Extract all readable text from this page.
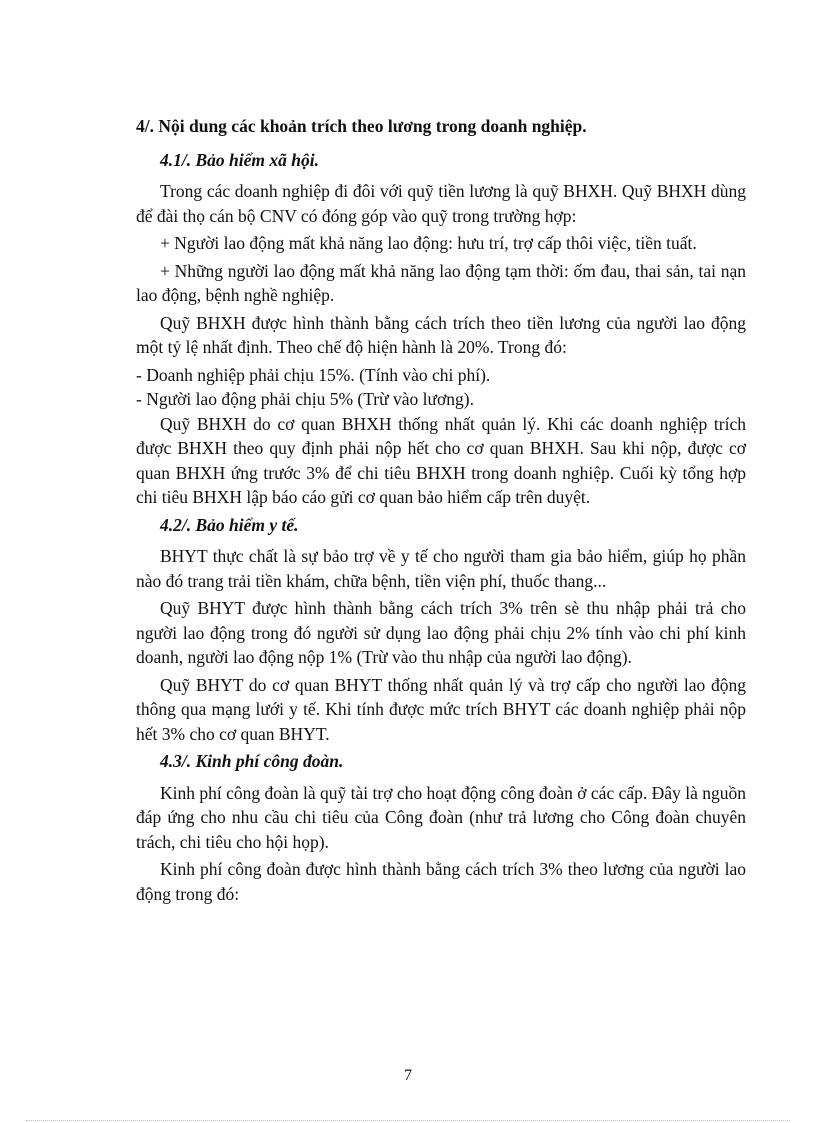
4/. Nội dung các khoản trích theo lương trong doanh nghiệp.

4.1/. Bảo hiểm xã hội.

Trong các doanh nghiệp đi đôi với quỹ tiền lương là quỹ BHXH. Quỹ BHXH dùng để đài thọ cán bộ CNV có đóng góp vào quỹ trong trường hợp:

+ Người lao động mất khả năng lao động: hưu trí, trợ cấp thôi việc, tiền tuất.

+ Những người lao động mất khả năng lao động tạm thời: ốm đau, thai sản, tai nạn lao động, bệnh nghề nghiệp.

Quỹ BHXH được hình thành bằng cách trích theo tiền lương của người lao động một tỷ lệ nhất định. Theo chế độ hiện hành là 20%. Trong đó:

- Doanh nghiệp phải chịu 15%. (Tính vào chi phí).

- Người lao động phải chịu 5% (Trừ vào lương).

Quỹ BHXH do cơ quan BHXH thống nhất quản lý. Khi các doanh nghiệp trích được BHXH theo quy định phải nộp hết cho cơ quan BHXH. Sau khi nộp, được cơ quan BHXH ứng trước 3% để chi tiêu BHXH trong doanh nghiệp. Cuối kỳ tổng hợp chi tiêu BHXH lập báo cáo gửi cơ quan bảo hiểm cấp trên duyệt.

4.2/. Bảo hiểm y tế.

BHYT thực chất là sự bảo trợ về y tế cho người tham gia bảo hiểm, giúp họ phần nào đó trang trải tiền khám, chữa bệnh, tiền viện phí, thuốc thang...

Quỹ BHYT được hình thành bằng cách trích 3% trên sè thu nhập phải trả cho người lao động trong đó người sử dụng lao động phải chịu 2% tính vào chi phí kinh doanh, người lao động nộp 1% (Trừ vào thu nhập của người lao động).

Quỹ BHYT do cơ quan BHYT thống nhất quản lý và trợ cấp cho người lao động thông qua mạng lưới y tế. Khi tính được mức trích BHYT các doanh nghiệp phải nộp hết 3% cho cơ quan BHYT.

4.3/. Kinh phí công đoàn.

Kinh phí công đoàn là quỹ tài trợ cho hoạt động công đoàn ở các cấp. Đây là nguồn đáp ứng cho nhu cầu chi tiêu của Công đoàn (như trả lương cho Công đoàn chuyên trách, chi tiêu cho hội họp).

Kinh phí công đoàn được hình thành bằng cách trích 3% theo lương của người lao động trong đó:

7
